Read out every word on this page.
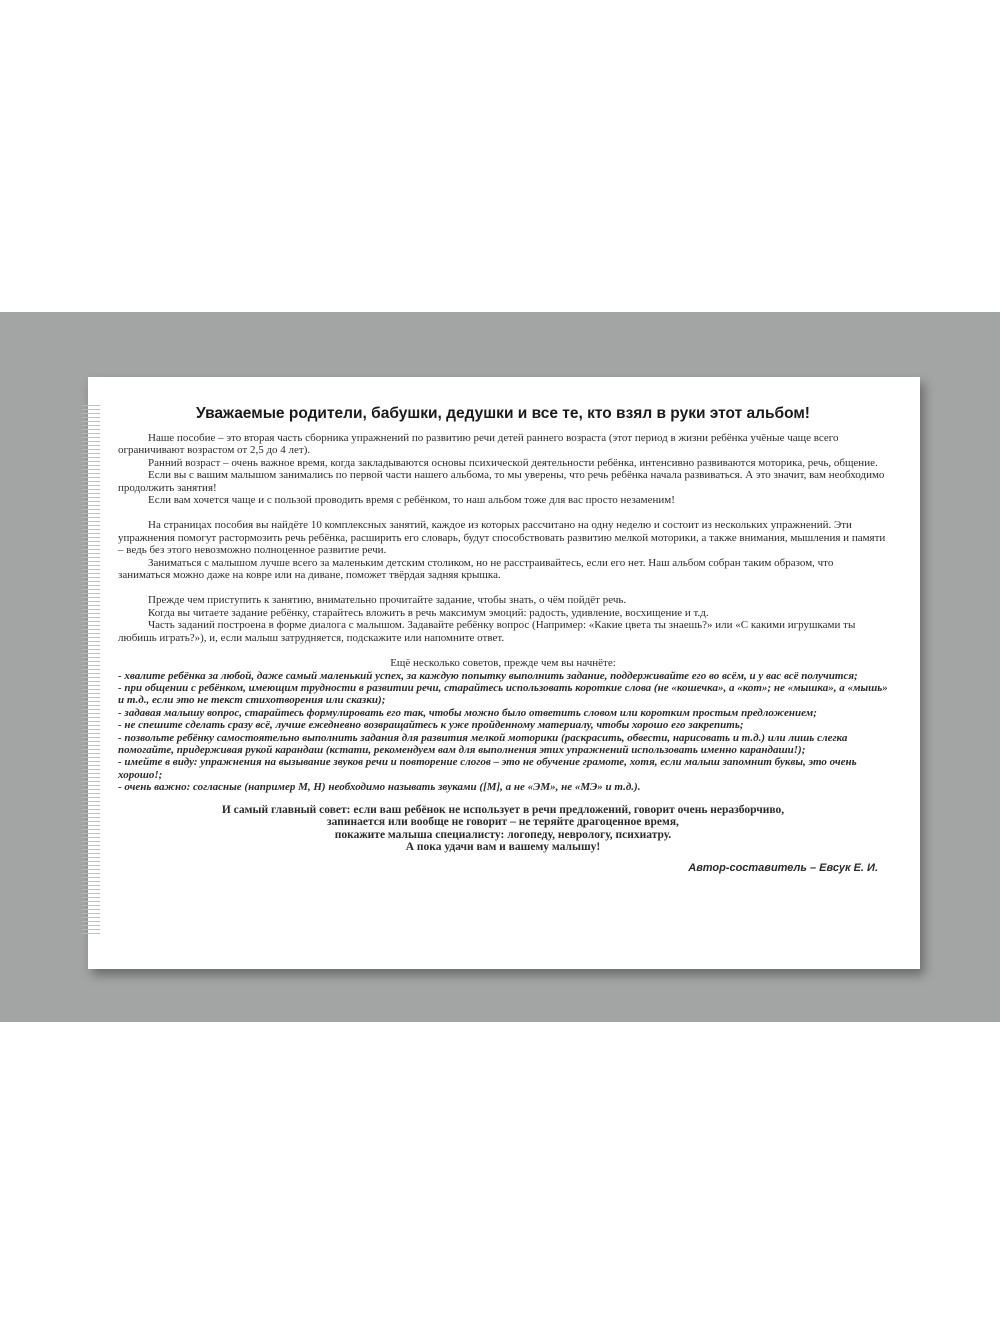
Уважаемые родители, бабушки, дедушки и все те, кто взял в руки этот альбом!

Наше пособие – это вторая часть сборника упражнений по развитию речи детей раннего возраста (этот период в жизни ребёнка учёные чаще всего ограничивают возрастом от 2,5 до 4 лет).

Ранний возраст – очень важное время, когда закладываются основы психической деятельности ребёнка, интенсивно развиваются моторика, речь, общение.

Если вы с вашим малышом занимались по первой части нашего альбома, то мы уверены, что речь ребёнка начала развиваться. А это значит, вам необходимо продолжить занятия!

Если вам хочется чаще и с пользой проводить время с ребёнком, то наш альбом тоже для вас просто незаменим!

На страницах пособия вы найдёте 10 комплексных занятий, каждое из которых рассчитано на одну неделю и состоит из нескольких упражнений. Эти упражнения помогут растормозить речь ребёнка, расширить его словарь, будут способствовать развитию мелкой моторики, а также внимания, мышления и памяти – ведь без этого невозможно полноценное развитие речи.

Заниматься с малышом лучше всего за маленьким детским столиком, но не расстраивайтесь, если его нет. Наш альбом собран таким образом, что заниматься можно даже на ковре или на диване, поможет твёрдая задняя крышка.

Прежде чем приступить к занятию, внимательно прочитайте задание, чтобы знать, о чём пойдёт речь.

Когда вы читаете задание ребёнку, старайтесь вложить в речь максимум эмоций: радость, удивление, восхищение и т.д.

Часть заданий построена в форме диалога с малышом. Задавайте ребёнку вопрос (Например: «Какие цвета ты знаешь?» или «С какими игрушками ты любишь играть?»), и, если малыш затрудняется, подскажите или напомните ответ.

Ещё несколько советов, прежде чем вы начнёте:

- хвалите ребёнка за любой, даже самый маленький успех, за каждую попытку выполнить задание, поддерживайте его во всём, и у вас всё получится;

- при общении с ребёнком, имеющим трудности в развитии речи, старайтесь использовать короткие слова (не «кошечка», а «кот»; не «мышка», а «мышь» и т.д., если это не текст стихотворения или сказки);

- задавая малышу вопрос, старайтесь формулировать его так, чтобы можно было ответить словом или коротким простым предложением;

- не спешите сделать сразу всё, лучше ежедневно возвращайтесь к уже пройденному материалу, чтобы хорошо его закрепить;

- позвольте ребёнку самостоятельно выполнить задания для развития мелкой моторики (раскрасить, обвести, нарисовать и т.д.) или лишь слегка помогайте, придерживая рукой карандаш (кстати, рекомендуем вам для выполнения этих упражнений использовать именно карандаши!);

- имейте в виду: упражнения на вызывание звуков речи и повторение слогов – это не обучение грамоте, хотя, если малыш запомнит буквы, это очень хорошо!;

- очень важно: согласные (например М, Н) необходимо называть звуками ([М], а не «ЭМ», не «МЭ» и т.д.).

И самый главный совет: если ваш ребёнок не использует в речи предложений, говорит очень неразборчиво,
запинается или вообще не говорит – не теряйте драгоценное время,
покажите малыша специалисту: логопеду, неврологу, психиатру.
А пока удачи вам и вашему малышу!
Автор-составитель – Евсук Е. И.
